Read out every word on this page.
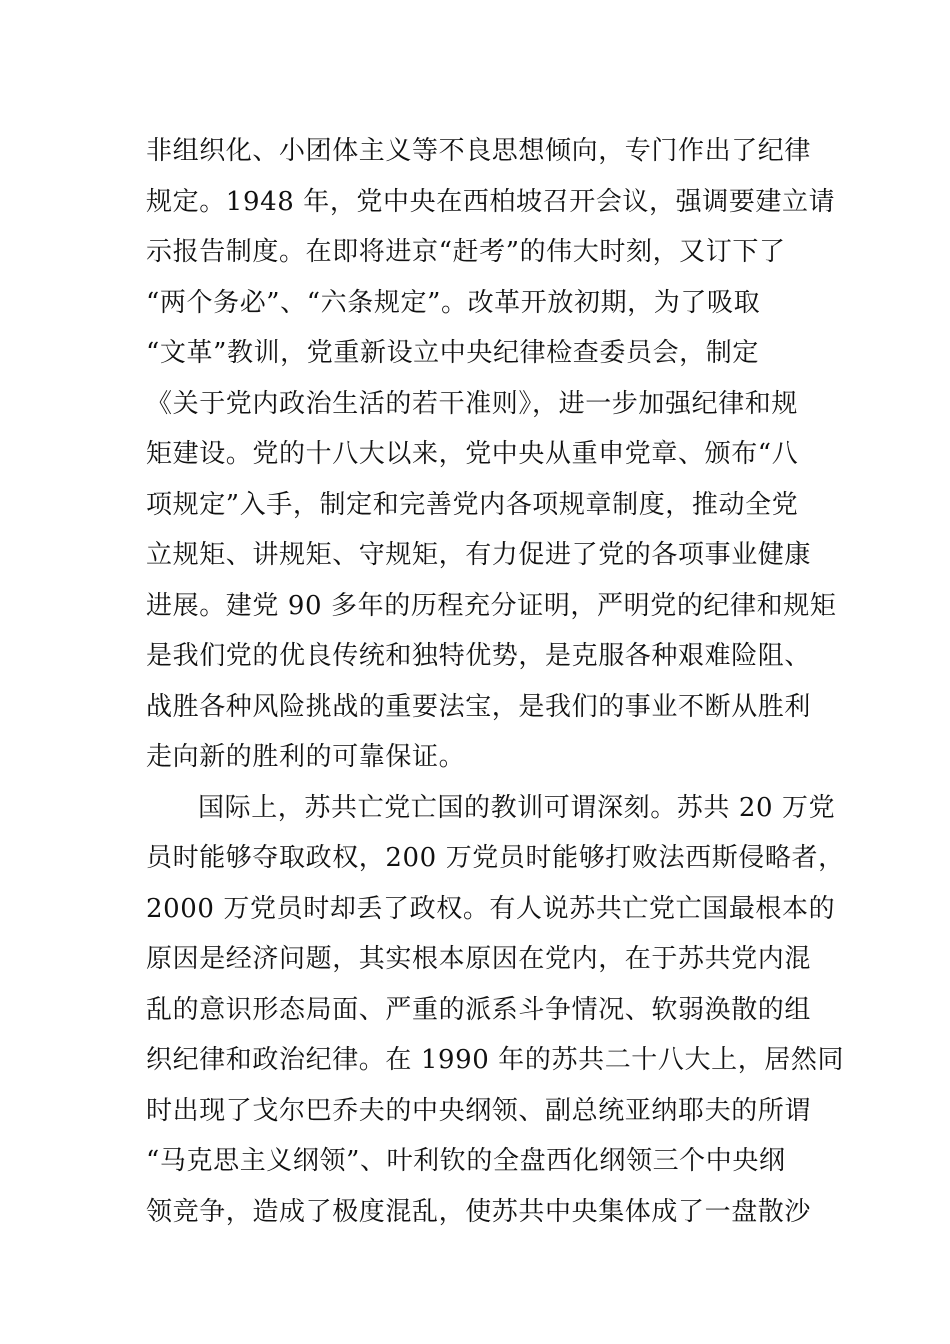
非组织化、小团体主义等不良思想倾向，专门作出了纪律
规定。1948 年，党中央在西柏坡召开会议，强调要建立请
示报告制度。在即将进京“赶考”的伟大时刻，又订下了
“两个务必”、“六条规定”。改革开放初期，为了吸取
“文革”教训，党重新设立中央纪律检查委员会，制定
《关于党内政治生活的若干准则》，进一步加强纪律和规
矩建设。党的十八大以来，党中央从重申党章、颁布“八
项规定”入手，制定和完善党内各项规章制度，推动全党
立规矩、讲规矩、守规矩，有力促进了党的各项事业健康
进展。建党 90 多年的历程充分证明，严明党的纪律和规矩
是我们党的优良传统和独特优势，是克服各种艰难险阻、
战胜各种风险挑战的重要法宝，是我们的事业不断从胜利
走向新的胜利的可靠保证。
国际上，苏共亡党亡国的教训可谓深刻。苏共 20 万党
员时能够夺取政权，200 万党员时能够打败法西斯侵略者，
2000 万党员时却丢了政权。有人说苏共亡党亡国最根本的
原因是经济问题，其实根本原因在党内，在于苏共党内混
乱的意识形态局面、严重的派系斗争情况、软弱涣散的组
织纪律和政治纪律。在 1990 年的苏共二十八大上，居然同
时出现了戈尔巴乔夫的中央纲领、副总统亚纳耶夫的所谓
“马克思主义纲领”、叶利钦的全盘西化纲领三个中央纲
领竞争，造成了极度混乱，使苏共中央集体成了一盘散沙
